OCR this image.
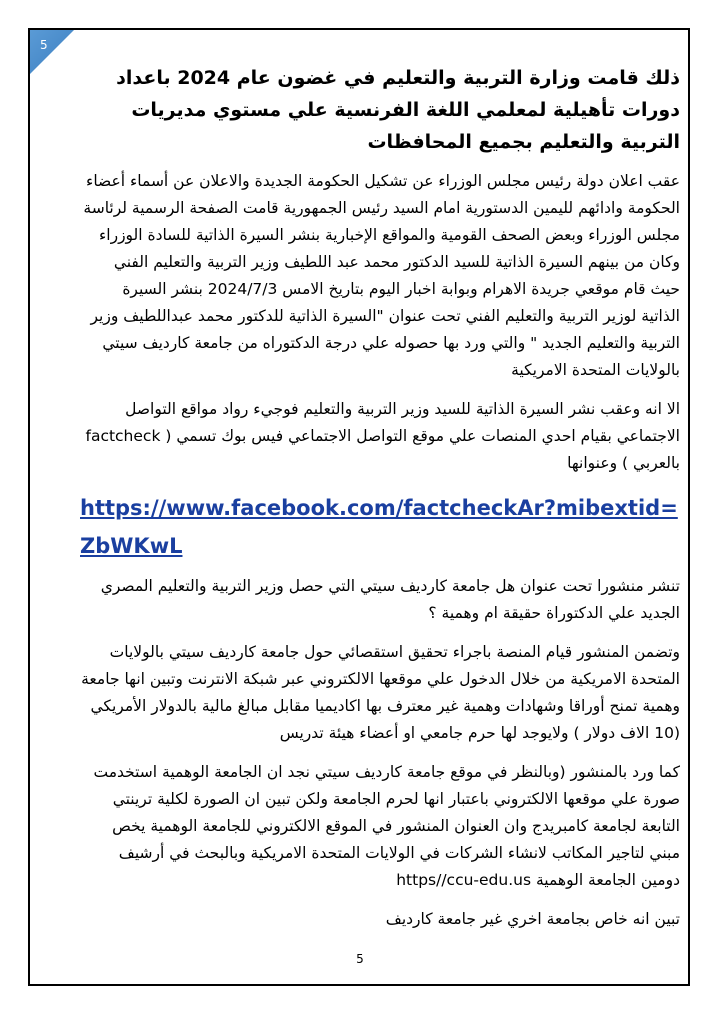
5
ذلك قامت وزارة التربية والتعليم في غضون عام 2024 باعداد دورات تأهيلية لمعلمي اللغة الفرنسية علي مستوي مديريات التربية والتعليم بجميع المحافظات
عقب اعلان دولة رئيس مجلس الوزراء عن تشكيل الحكومة الجديدة والاعلان عن أسماء أعضاء الحكومة وادائهم لليمين الدستورية امام السيد رئيس الجمهورية قامت الصفحة الرسمية لرئاسة مجلس الوزراء وبعض الصحف القومية والمواقع الإخبارية بنشر السيرة الذاتية للسادة الوزراء وكان من بينهم السيرة الذاتية للسيد الدكتور محمد عبد اللطيف وزير التربية والتعليم الفني حيث قام موقعي جريدة الاهرام وبوابة اخبار اليوم بتاريخ الامس 2024/7/3 بنشر السيرة الذاتية لوزير التربية والتعليم الفني تحت عنوان "السيرة الذاتية للدكتور محمد عبداللطيف وزير التربية والتعليم الجديد " والتي ورد بها حصوله علي درجة الدكتوراه من جامعة كارديف سيتي بالولايات المتحدة الامريكية
الا انه وعقب نشر السيرة الذاتية للسيد وزير التربية والتعليم فوجيء رواد مواقع التواصل الاجتماعي بقيام احدي المنصات علي موقع التواصل الاجتماعي فيس بوك تسمي ( factcheck بالعربي ) وعنوانها
https://www.facebook.com/factcheckAr?mibextid=ZbWKwL
تنشر منشورا تحت عنوان هل جامعة كارديف سيتي التي حصل وزير التربية والتعليم المصري الجديد علي الدكتوراة حقيقة ام وهمية ؟
وتضمن المنشور قيام المنصة باجراء تحقيق استقصائي حول جامعة كارديف سيتي بالولايات المتحدة الامريكية من خلال الدخول علي موقعها الالكتروني عبر شبكة الانترنت وتبين انها جامعة وهمية تمنح أوراقا وشهادات وهمية غير معترف بها اكاديميا مقابل مبالغ مالية بالدولار الأمريكي (10 الاف دولار ) ولايوجد لها حرم جامعي او أعضاء هيئة تدريس
كما ورد بالمنشور (وبالنظر في موقع جامعة كارديف سيتي نجد ان الجامعة الوهمية استخدمت صورة علي موقعها الالكتروني باعتبار انها لحرم الجامعة ولكن تبين ان الصورة لكلية ترينتي التابعة لجامعة كامبريدج وان العنوان المنشور في الموقع الالكتروني للجامعة الوهمية يخص مبني لتاجير المكاتب لانشاء الشركات في الولايات المتحدة الامريكية وبالبحث في أرشيف دومين الجامعة الوهمية https//ccu-edu.us
تبين انه خاص بجامعة اخري غير جامعة كارديف
5
